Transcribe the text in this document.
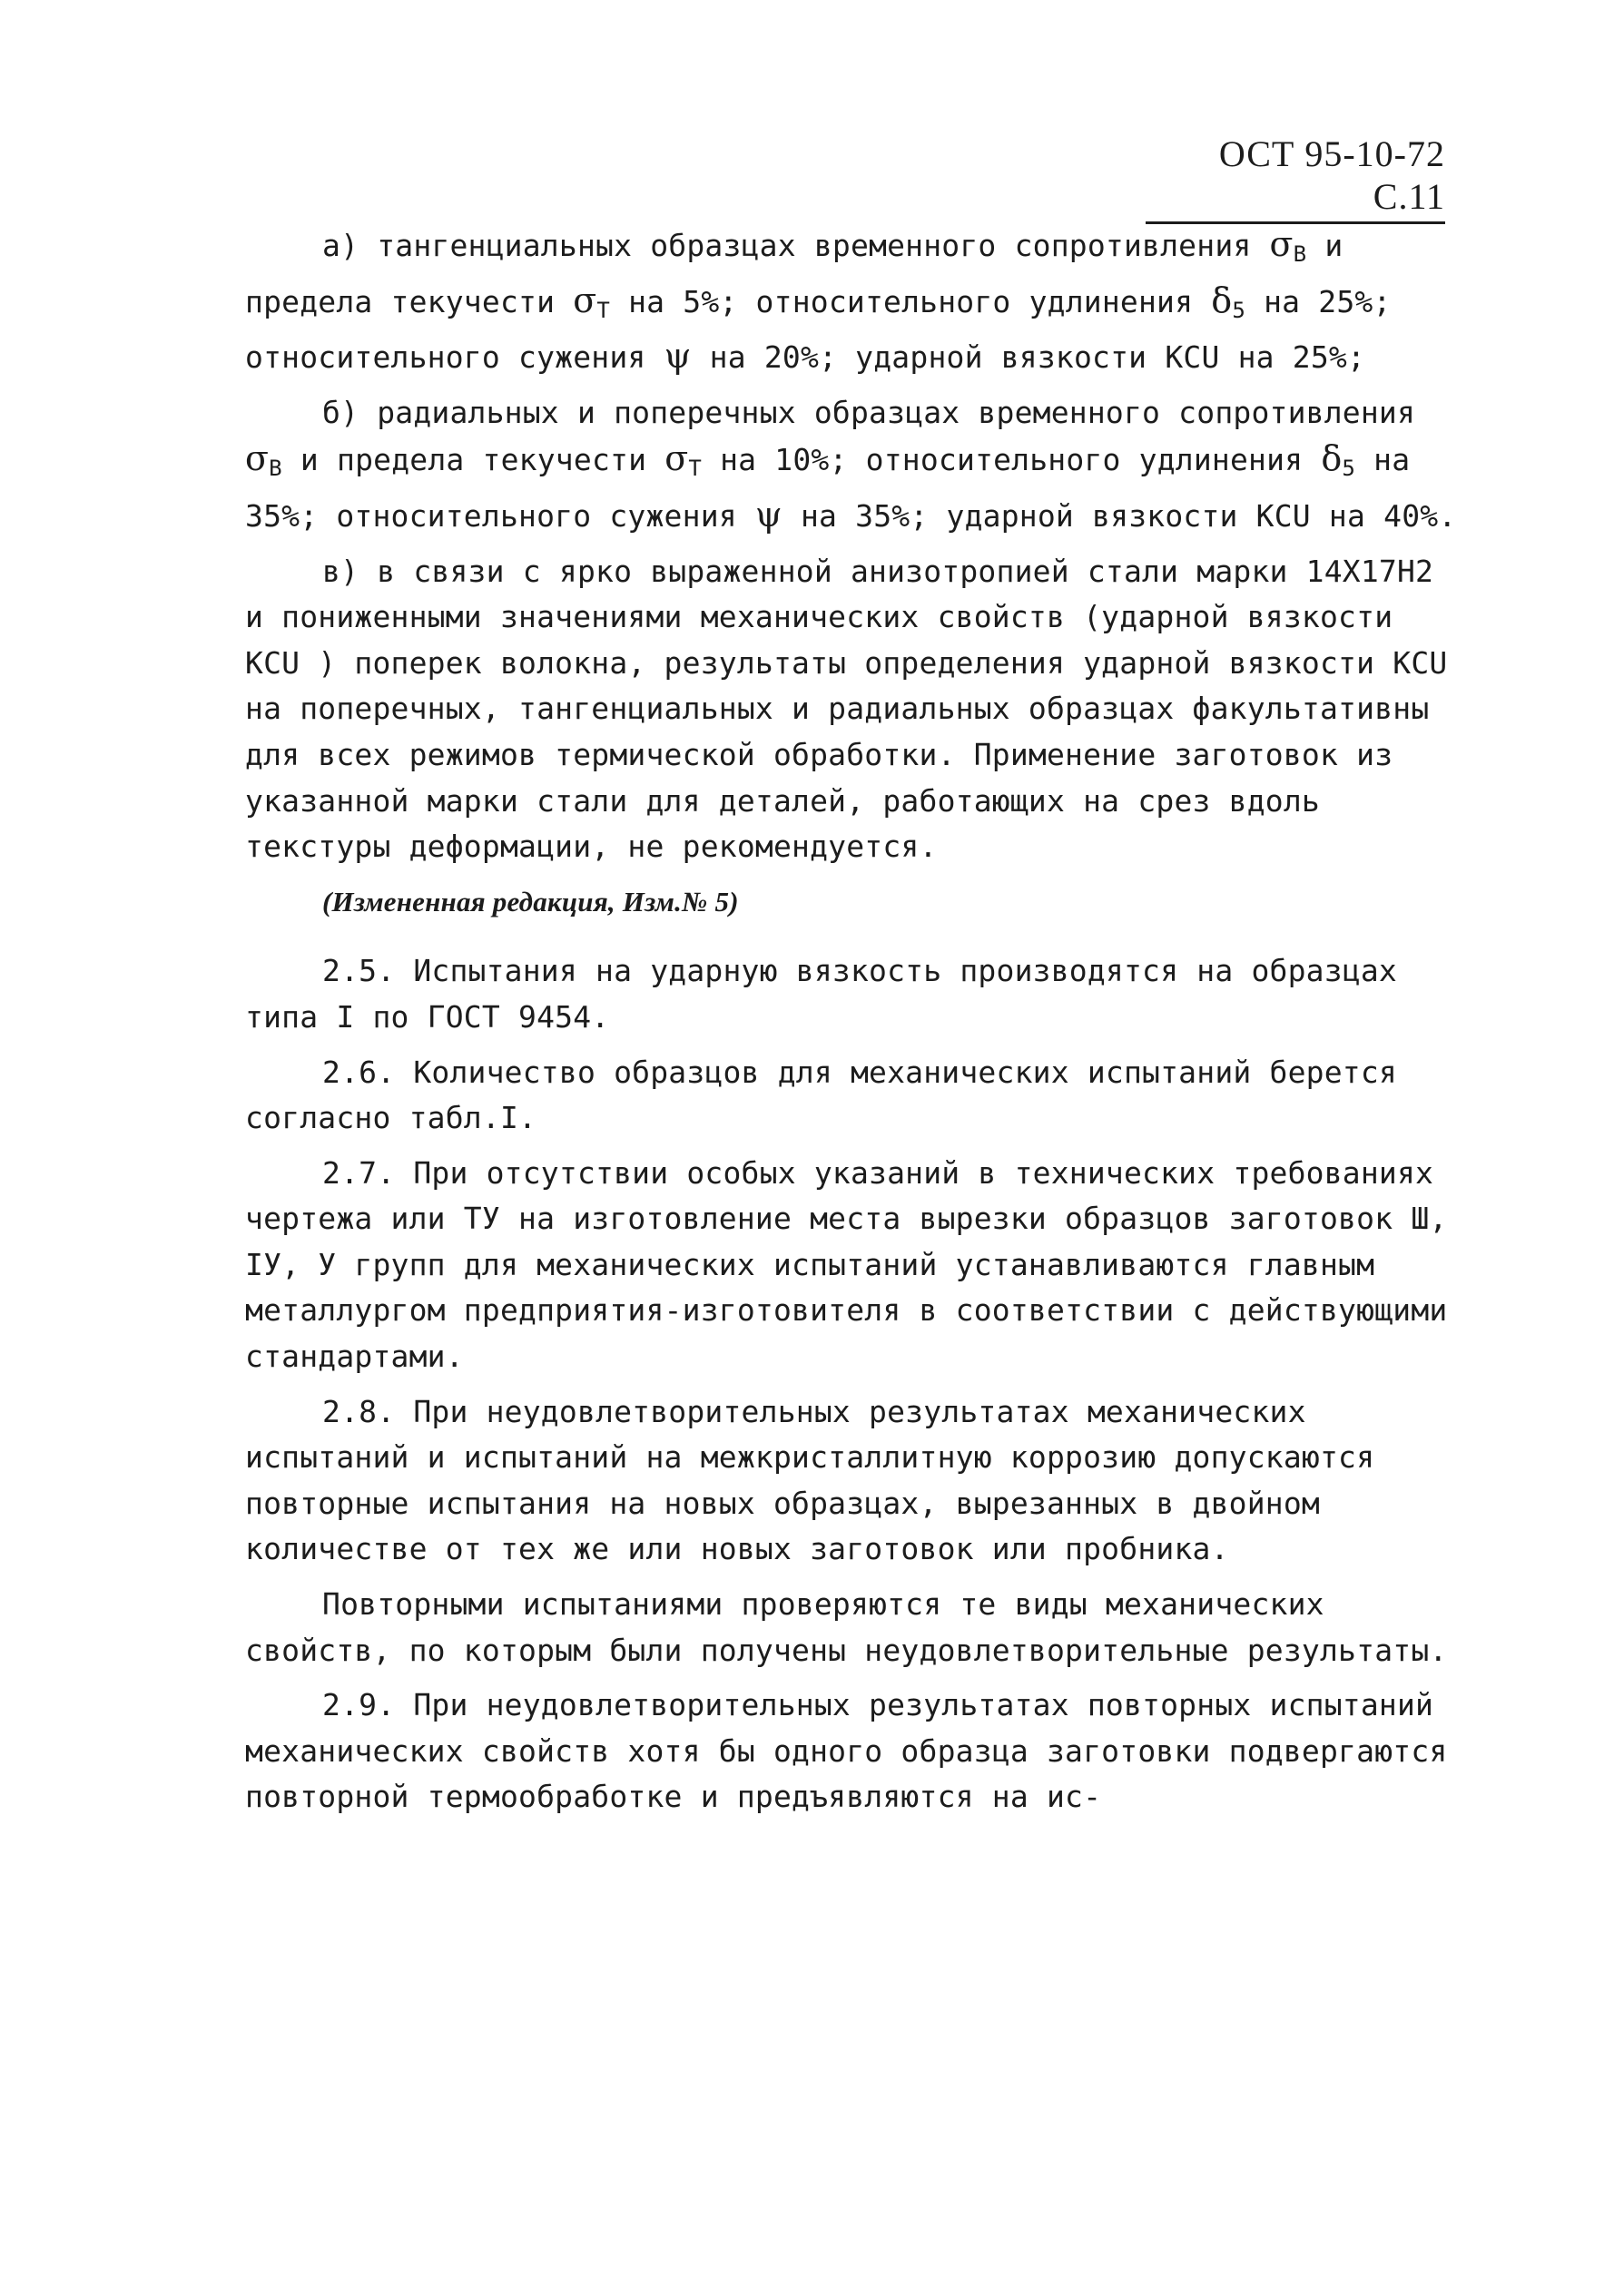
ОСТ 95-10-72 С.11

а) тангенциальных образцах временного сопротивления $\sigma_В$ и предела текучести $\sigma_Т$ на 5%; относительного удлинения $\delta_5$ на 25%; относительного сужения ψ на 20%; ударной вязкости КСU на 25%;

б) радиальных и поперечных образцах временного сопротивления $\sigma_В$ и предела текучести $\sigma_Т$ на 10%; относительного удлинения $\delta_5$ на 35%; относительного сужения ψ на 35%; ударной вязкости КСU на 40%.

в) в связи с ярко выраженной анизотропией стали марки 14Х17Н2 и пониженными значениями механических свойств (ударной вязкости КСU ) поперек волокна, результаты определения ударной вязкости КСU на поперечных, тангенциальных и радиальных образцах факультативны для всех режимов термической обработки. Применение заготовок из указанной марки стали для деталей, работающих на срез вдоль текстуры деформации, не рекомендуется.

(Измененная редакция, Изм.№ 5)

2.5. Испытания на ударную вязкость производятся на образцах типа I по ГОСТ 9454.

2.6. Количество образцов для механических испытаний берется согласно табл.I.

2.7. При отсутствии особых указаний в технических требованиях чертежа или ТУ на изготовление места вырезки образцов заготовок Ш, IУ, У групп для механических испытаний устанавливаются главным металлургом предприятия-изготовителя в соответствии с действующими стандартами.

2.8. При неудовлетворительных результатах механических испытаний и испытаний на межкристаллитную коррозию допускаются повторные испытания на новых образцах, вырезанных в двойном количестве от тех же или новых заготовок или пробника.

Повторными испытаниями проверяются те виды механических свойств, по которым были получены неудовлетворительные результаты.

2.9. При неудовлетворительных результатах повторных испытаний механических свойств хотя бы одного образца заготовки подвергаются повторной термообработке и предъявляются на ис-
